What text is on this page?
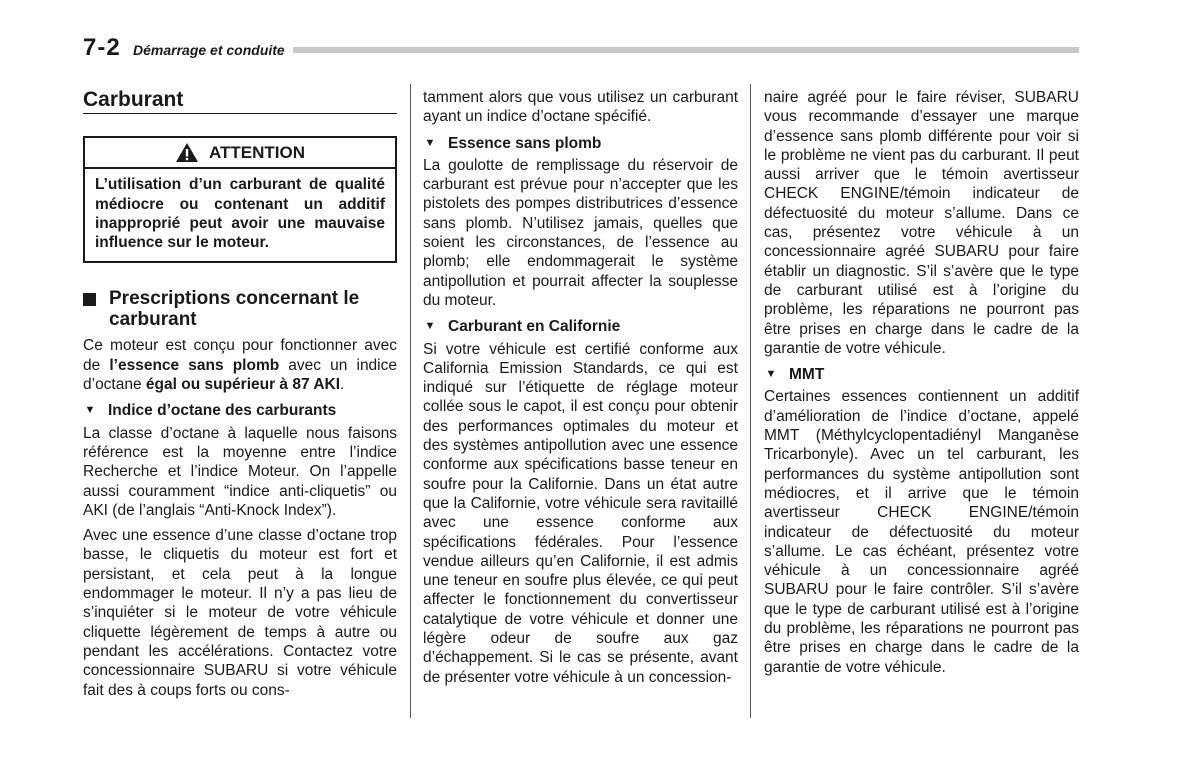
7-2 Démarrage et conduite
Carburant
ATTENTION
L’utilisation d’un carburant de qualité médiocre ou contenant un additif inapproprié peut avoir une mauvaise influence sur le moteur.
Prescriptions concernant le carburant

Ce moteur est conçu pour fonctionner avec de l’essence sans plomb avec un indice d’octane égal ou supérieur à 87 AKI.

▼ Indice d’octane des carburants

La classe d’octane à laquelle nous faisons référence est la moyenne entre l’indice Recherche et l’indice Moteur. On l’appelle aussi couramment “indice anti-cliquetis” ou AKI (de l’anglais “Anti-Knock Index”).

Avec une essence d’une classe d’octane trop basse, le cliquetis du moteur est fort et persistant, et cela peut à la longue endommager le moteur. Il n’y a pas lieu de s’inquiéter si le moteur de votre véhicule cliquette légèrement de temps à autre ou pendant les accélérations. Contactez votre concessionnaire SUBARU si votre véhicule fait des à coups forts ou cons-

tamment alors que vous utilisez un carburant ayant un indice d’octane spécifié.

▼ Essence sans plomb

La goulotte de remplissage du réservoir de carburant est prévue pour n’accepter que les pistolets des pompes distributrices d’essence sans plomb. N’utilisez jamais, quelles que soient les circonstances, de l’essence au plomb; elle endommagerait le système antipollution et pourrait affecter la souplesse du moteur.

▼ Carburant en Californie

Si votre véhicule est certifié conforme aux California Emission Standards, ce qui est indiqué sur l’étiquette de réglage moteur collée sous le capot, il est conçu pour obtenir des performances optimales du moteur et des systèmes antipollution avec une essence conforme aux spécifications basse teneur en soufre pour la Californie. Dans un état autre que la Californie, votre véhicule sera ravitaillé avec une essence conforme aux spécifications fédérales. Pour l’essence vendue ailleurs qu’en Californie, il est admis une teneur en soufre plus élevée, ce qui peut affecter le fonctionnement du convertisseur catalytique de votre véhicule et donner une légère odeur de soufre aux gaz d’échappement. Si le cas se présente, avant de présenter votre véhicule à un concession-

naire agréé pour le faire réviser, SUBARU vous recommande d’essayer une marque d’essence sans plomb différente pour voir si le problème ne vient pas du carburant. Il peut aussi arriver que le témoin avertisseur CHECK ENGINE/témoin indicateur de défectuosité du moteur s’allume. Dans ce cas, présentez votre véhicule à un concessionnaire agréé SUBARU pour faire établir un diagnostic. S’il s’avère que le type de carburant utilisé est à l’origine du problème, les réparations ne pourront pas être prises en charge dans le cadre de la garantie de votre véhicule.

▼ MMT

Certaines essences contiennent un additif d’amélioration de l’indice d’octane, appelé MMT (Méthylcyclopentadiényl Manganèse Tricarbonyle). Avec un tel carburant, les performances du système antipollution sont médiocres, et il arrive que le témoin avertisseur CHECK ENGINE/témoin indicateur de défectuosité du moteur s’allume. Le cas échéant, présentez votre véhicule à un concessionnaire agréé SUBARU pour le faire contrôler. S’il s’avère que le type de carburant utilisé est à l’origine du problème, les réparations ne pourront pas être prises en charge dans le cadre de la garantie de votre véhicule.
